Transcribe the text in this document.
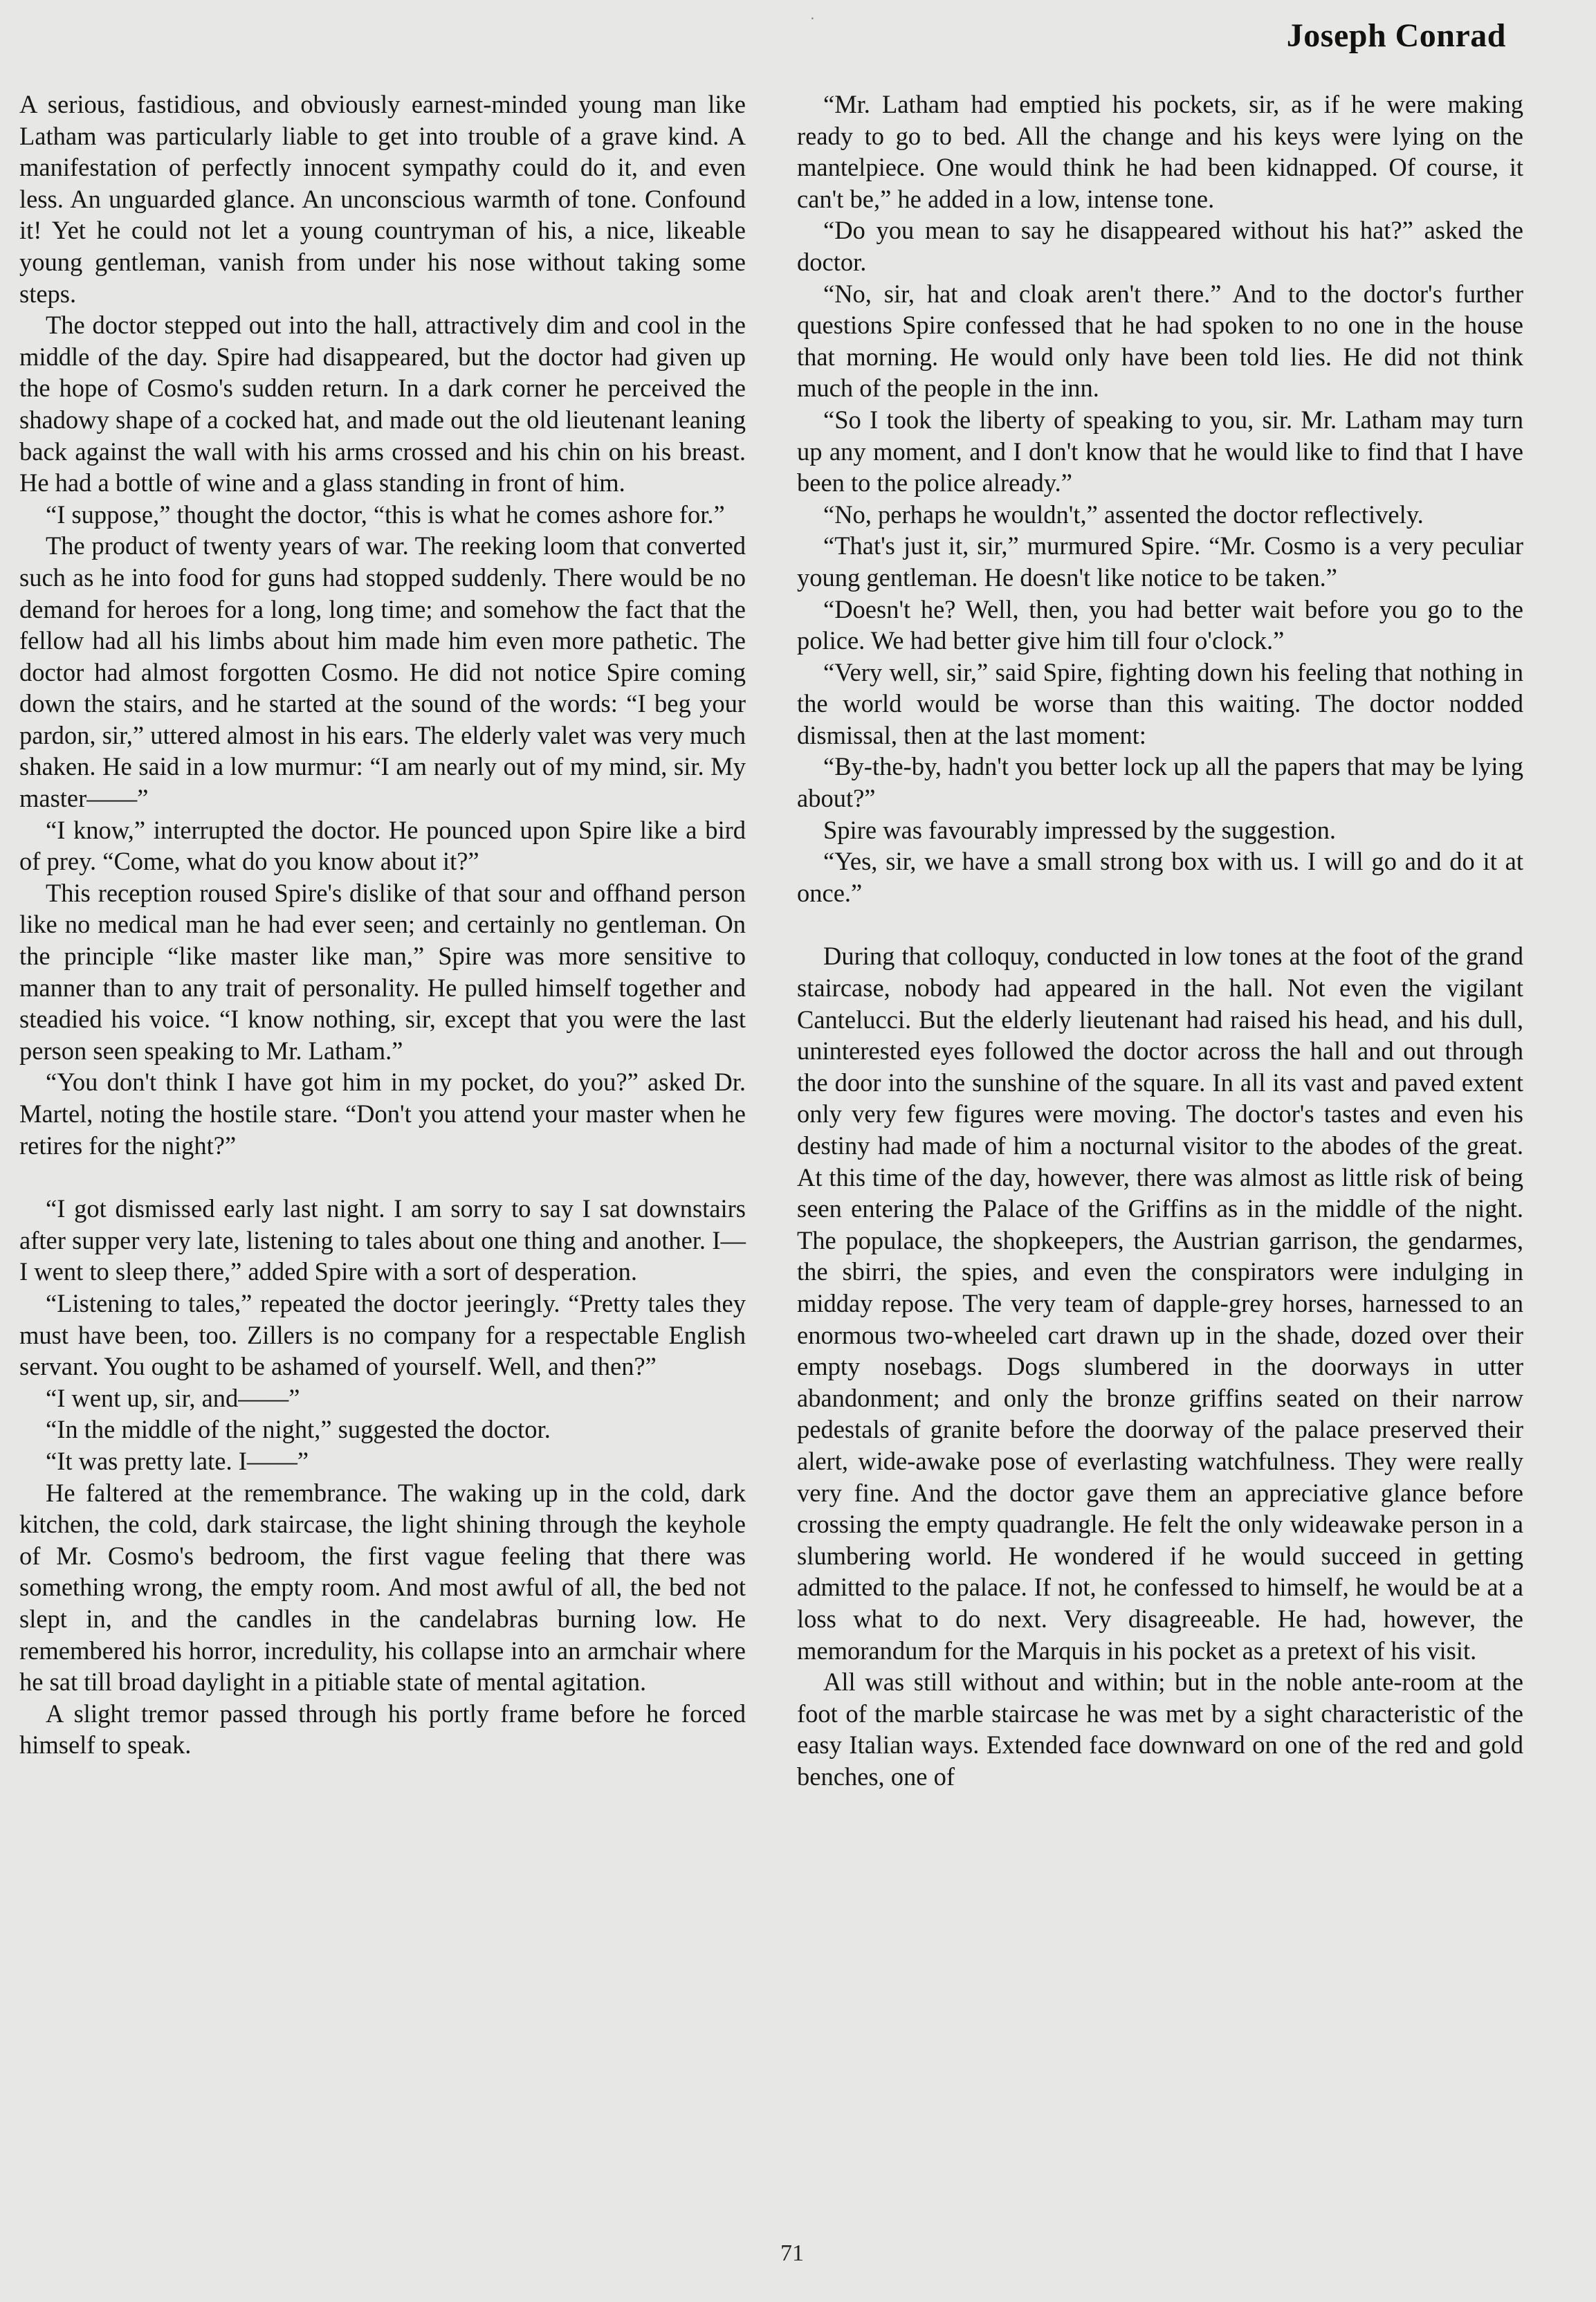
˙	Joseph Conrad

A serious, fastidious, and obviously earnest-minded young man like Latham was particularly liable to get into trouble of a grave kind. A manifestation of perfectly innocent sympathy could do it, and even less. An unguarded glance. An unconscious warmth of tone. Confound it! Yet he could not let a young countryman of his, a nice, likeable young gentleman, vanish from under his nose without taking some steps.

The doctor stepped out into the hall, attractively dim and cool in the middle of the day. Spire had disappeared, but the doctor had given up the hope of Cosmo's sudden return. In a dark corner he perceived the shadowy shape of a cocked hat, and made out the old lieutenant leaning back against the wall with his arms crossed and his chin on his breast. He had a bottle of wine and a glass standing in front of him.

“I suppose,” thought the doctor, “this is what he comes ashore for.”

The product of twenty years of war. The reeking loom that converted such as he into food for guns had stopped suddenly. There would be no demand for heroes for a long, long time; and somehow the fact that the fellow had all his limbs about him made him even more pathetic. The doctor had almost forgotten Cosmo. He did not notice Spire coming down the stairs, and he started at the sound of the words: “I beg your pardon, sir,” uttered almost in his ears. The elderly valet was very much shaken. He said in a low murmur: “I am nearly out of my mind, sir. My master——”

“I know,” interrupted the doctor. He pounced upon Spire like a bird of prey. “Come, what do you know about it?”

This reception roused Spire's dislike of that sour and offhand person like no medical man he had ever seen; and certainly no gentleman. On the principle “like master like man,” Spire was more sensitive to manner than to any trait of personality. He pulled himself together and steadied his voice. “I know nothing, sir, except that you were the last person seen speaking to Mr. Latham.”

“You don't think I have got him in my pocket, do you?” asked Dr. Martel, noting the hostile stare. “Don't you attend your master when he retires for the night?”

“I got dismissed early last night. I am sorry to say I sat downstairs after supper very late, listening to tales about one thing and another. I—I went to sleep there,” added Spire with a sort of desperation.

“Listening to tales,” repeated the doctor jeeringly. “Pretty tales they must have been, too. Zillers is no company for a respectable English servant. You ought to be ashamed of yourself. Well, and then?”

“I went up, sir, and——”

“In the middle of the night,” suggested the doctor.

“It was pretty late. I——”

He faltered at the remembrance. The waking up in the cold, dark kitchen, the cold, dark staircase, the light shining through the keyhole of Mr. Cosmo's bedroom, the first vague feeling that there was something wrong, the empty room. And most awful of all, the bed not slept in, and the candles in the candelabras burning low. He remembered his horror, incredulity, his collapse into an armchair where he sat till broad daylight in a pitiable state of mental agitation.

A slight tremor passed through his portly frame before he forced himself to speak.

“Mr. Latham had emptied his pockets, sir, as if he were making ready to go to bed. All the change and his keys were lying on the mantelpiece. One would think he had been kidnapped. Of course, it can't be,” he added in a low, intense tone.

“Do you mean to say he disappeared without his hat?” asked the doctor.

“No, sir, hat and cloak aren't there.” And to the doctor's further questions Spire confessed that he had spoken to no one in the house that morning. He would only have been told lies. He did not think much of the people in the inn.

“So I took the liberty of speaking to you, sir. Mr. Latham may turn up any moment, and I don't know that he would like to find that I have been to the police already.”

“No, perhaps he wouldn't,” assented the doctor reflectively.

“That's just it, sir,” murmured Spire. “Mr. Cosmo is a very peculiar young gentleman. He doesn't like notice to be taken.”

“Doesn't he? Well, then, you had better wait before you go to the police. We had better give him till four o'clock.”

“Very well, sir,” said Spire, fighting down his feeling that nothing in the world would be worse than this waiting. The doctor nodded dismissal, then at the last moment:

“By-the-by, hadn't you better lock up all the papers that may be lying about?”

Spire was favourably impressed by the suggestion.

“Yes, sir, we have a small strong box with us. I will go and do it at once.”

During that colloquy, conducted in low tones at the foot of the grand staircase, nobody had appeared in the hall. Not even the vigilant Cantelucci. But the elderly lieutenant had raised his head, and his dull, uninterested eyes followed the doctor across the hall and out through the door into the sunshine of the square. In all its vast and paved extent only very few figures were moving. The doctor's tastes and even his destiny had made of him a nocturnal visitor to the abodes of the great. At this time of the day, however, there was almost as little risk of being seen entering the Palace of the Griffins as in the middle of the night. The populace, the shopkeepers, the Austrian garrison, the gendarmes, the sbirri, the spies, and even the conspirators were indulging in midday repose. The very team of dapple-grey horses, harnessed to an enormous two-wheeled cart drawn up in the shade, dozed over their empty nosebags. Dogs slumbered in the doorways in utter abandonment; and only the bronze griffins seated on their narrow pedestals of granite before the doorway of the palace preserved their alert, wide-awake pose of everlasting watchfulness. They were really very fine. And the doctor gave them an appreciative glance before crossing the empty quadrangle. He felt the only wideawake person in a slumbering world. He wondered if he would succeed in getting admitted to the palace. If not, he confessed to himself, he would be at a loss what to do next. Very disagreeable. He had, however, the memorandum for the Marquis in his pocket as a pretext of his visit.

All was still without and within; but in the noble ante-room at the foot of the marble staircase he was met by a sight characteristic of the easy Italian ways. Extended face downward on one of the red and gold benches, one of

71
